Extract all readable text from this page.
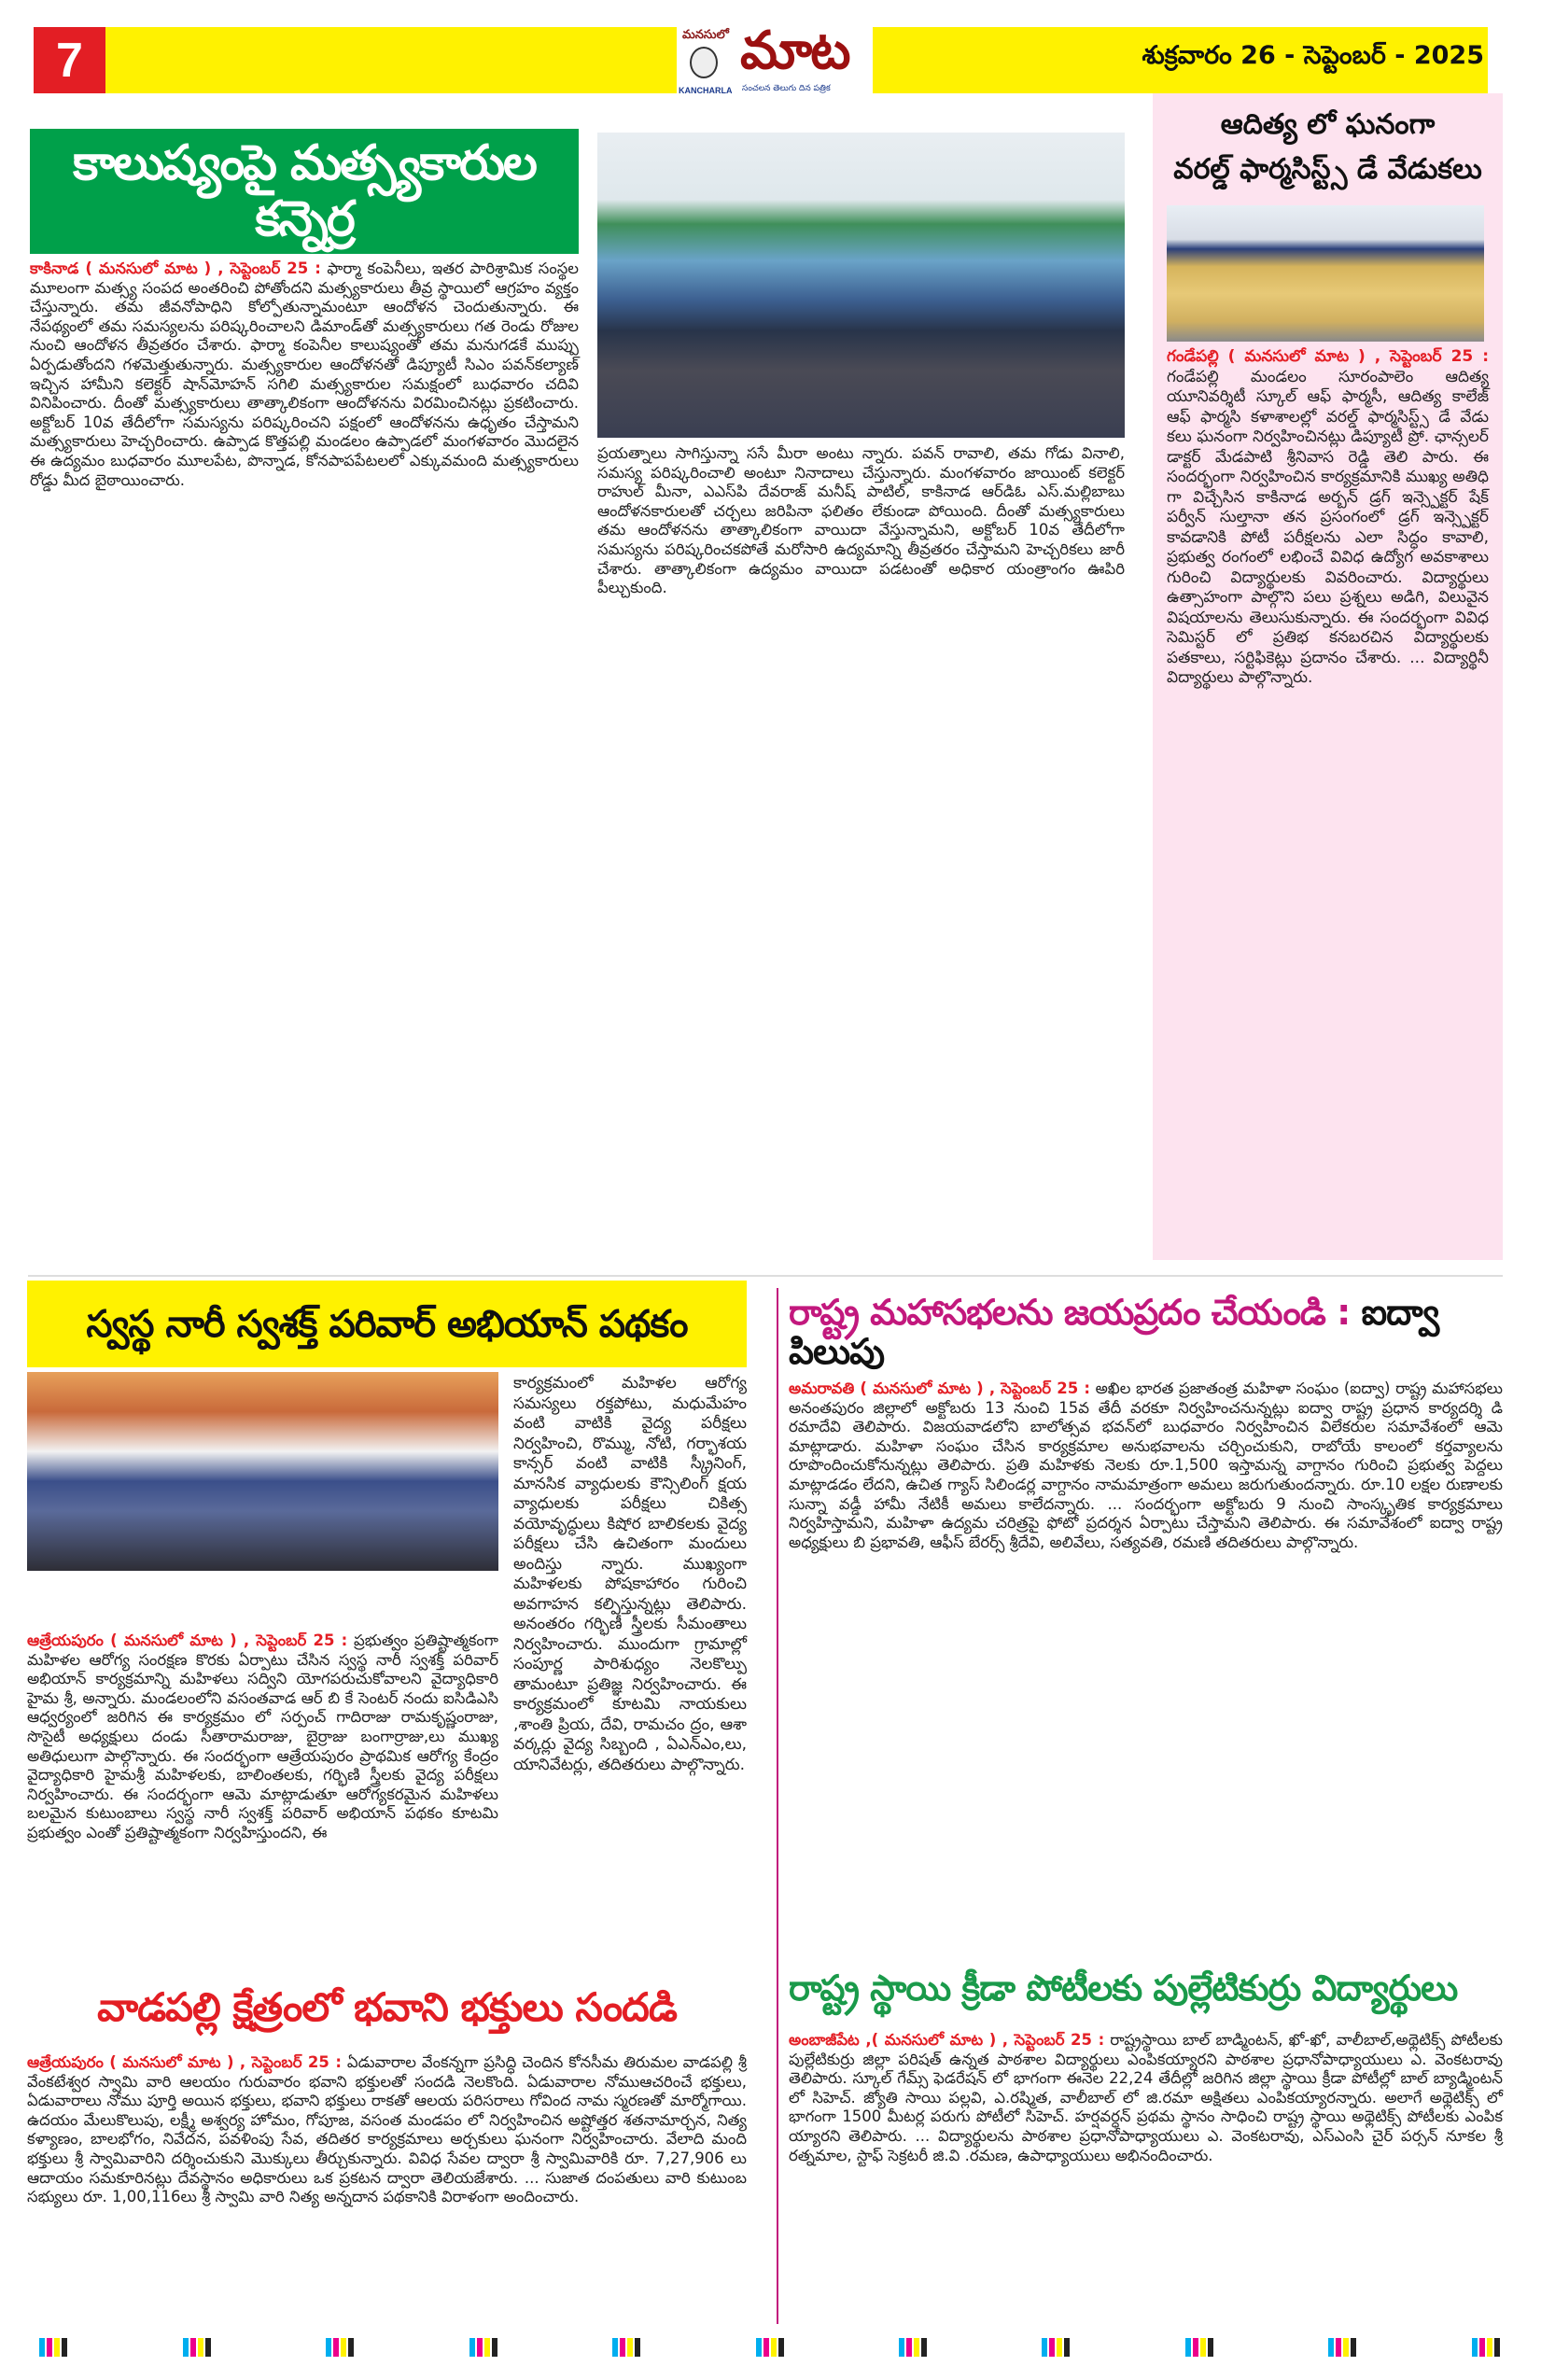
7	మనసులో మాట
KANCHARLA సంచలన తెలుగు దిన పత్రిక
శుక్రవారం 26 - సెప్టెంబర్ - 2025
కాలుష్యంపై మత్స్యకారుల కన్నెర్ర
కాకినాడ ( మనసులో మాట ) , సెప్టెంబర్ 25 : ఫార్మా కంపెనీలు, ఇతర పారిశ్రామిక సంస్థల మూలంగా మత్స్య సంపద అంతరించి పోతోందని మత్స్యకారులు తీవ్ర స్థాయిలో ఆగ్రహం వ్యక్తం చేస్తున్నారు. తమ జీవనోపాధిని కోల్పోతున్నామంటూ ఆందోళన చెందుతున్నారు. ఈ నేపథ్యంలో తమ సమస్యలను పరిష్కరించాలని డిమాండ్‌తో మత్స్యకారులు గత రెండు రోజుల నుంచి ఆందోళన తీవ్రతరం చేశారు. ఫార్మా కంపెనీల కాలుష్యంతో తమ మనుగడకే ముప్పు ఏర్పడుతోందని గళమెత్తుతున్నారు. మత్స్యకారుల ఆందోళనతో డిప్యూటీ సిఎం పవన్‌కల్యాణ్ ఇచ్చిన హామీని కలెక్టర్ షాన్‌మోహన్ సగిలి మత్స్యకారుల సమక్షంలో బుధవారం చదివి వినిపించారు. దీంతో మత్స్యకారులు తాత్కాలికంగా ఆందోళనను విరమించినట్లు ప్రకటించారు. అక్టోబర్ 10వ తేదీలోగా సమస్యను పరిష్కరించని పక్షంలో ఆందోళనను ఉధృతం చేస్తామని మత్స్యకారులు హెచ్చరించారు. ఉప్పాడ కొత్తపల్లి మండలం ఉప్పాడలో మంగళవారం మొదలైన ఈ ఉద్యమం బుధవారం మూలపేట, పొన్నాడ, కోనపాపపేటలలో ఎక్కువమంది మత్స్యకారులు రోడ్డు మీద బైఠాయించారు.
ప్రయత్నాలు సాగిస్తున్నా ససే మీరా అంటు న్నారు. పవన్ రావాలి, తమ గోడు వినాలి, సమస్య పరిష్కరించాలి అంటూ నినాదాలు చేస్తున్నారు. మంగళవారం జాయింట్ కలెక్టర్ రాహుల్ మీనా, ఎఎస్‌పి దేవరాజ్ మనీష్ పాటిల్, కాకినాడ ఆర్‌డిఓ ఎస్.మల్లిబాబు ఆందోళనకారులతో చర్చలు జరిపినా ఫలితం లేకుండా పోయింది. దీంతో మత్స్యకారులు తమ ఆందోళనను తాత్కాలికంగా వాయిదా వేస్తున్నామని, అక్టోబర్ 10వ తేదీలోగా సమస్యను పరిష్కరించకపోతే మరోసారి ఉద్యమాన్ని తీవ్రతరం చేస్తామని హెచ్చరికలు జారీ చేశారు. తాత్కాలికంగా ఉద్యమం వాయిదా పడటంతో అధికార యంత్రాంగం ఊపిరి పీల్చుకుంది.
ఆదిత్య లో ఘనంగా
వరల్డ్ ఫార్మసిస్ట్స్ డే వేడుకలు
గండేపల్లి ( మనసులో మాట ) , సెప్టెంబర్ 25 : గండేపల్లి మండలం సూరంపాలెం ఆదిత్య యూనివర్శిటీ స్కూల్ ఆఫ్ ఫార్మసీ, ఆదిత్య కాలేజ్ ఆఫ్ ఫార్మసి కళాశాలల్లో వరల్డ్ ఫార్మసిస్ట్స్ డే వేడు కలు ఘనంగా నిర్వహించినట్లు డిప్యూటీ ప్రో. ఛాన్సలర్ డాక్టర్ మేడపాటి శ్రీనివాస రెడ్డి తెలి పారు. ఈ సందర్భంగా నిర్వహించిన కార్యక్రమానికి ముఖ్య అతిధి గా విచ్చేసిన కాకినాడ అర్బన్ డ్రగ్ ఇన్స్పెక్టర్ షేక్ పర్వీన్ సుల్తానా తన ప్రసంగంలో డ్రగ్ ఇన్స్పెక్టర్ కావడానికి పోటీ పరీక్షలను ఎలా సిద్ధం కావాలి, ప్రభుత్వ రంగంలో లభించే వివిధ ఉద్యోగ అవకాశాలు గురించి విద్యార్థులకు వివరించారు. విద్యార్థులు ఉత్సాహంగా పాల్గొని పలు ప్రశ్నలు అడిగి, విలువైన విషయాలను తెలుసుకున్నారు. ఈ సందర్భంగా వివిధ సెమిస్టర్ లో ప్రతిభ కనబరచిన విద్యార్థులకు పతకాలు, సర్టిఫికెట్లు ప్రదానం చేశారు. ... విద్యార్థినీ విద్యార్థులు పాల్గొన్నారు.
స్వస్థ నారీ స్వశక్త్ పరివార్ అభియాన్ పథకం
కార్యక్రమంలో మహిళల ఆరోగ్య సమస్యలు రక్తపోటు, మధుమేహం వంటి వాటికి వైద్య పరీక్షలు నిర్వహించి, రొమ్ము, నోటి, గర్భాశయ కాన్సర్ వంటి వాటికి స్క్రీనింగ్, మానసిక వ్యాధులకు కౌన్సిలింగ్ క్షయ వ్యాధులకు పరీక్షలు చికిత్స వయోవృద్ధులు కిషోర బాలికలకు వైద్య పరీక్షలు చేసి ఉచితంగా మందులు అందిస్తు న్నారు. ముఖ్యంగా మహిళలకు పోషకాహారం గురించి అవగాహన కల్పిస్తున్నట్లు తెలిపారు. అనంతరం గర్భిణీ స్త్రీలకు సీమంతాలు నిర్వహించారు. ముందుగా గ్రామాల్లో సంపూర్ణ పారిశుధ్యం నెలకొల్పు తామంటూ ప్రతిజ్ఞ నిర్వహించారు. ఈ కార్యక్రమంలో కూటమి నాయకులు ,శాంతి ప్రియ, దేవి, రామచం ద్రం, ఆశా వర్కర్లు వైద్య సిబ్బంది , ఏఎన్ఎం,లు, యానివేటర్లు, తదితరులు పాల్గొన్నారు.
ఆత్రేయపురం ( మనసులో మాట ) , సెప్టెంబర్ 25 : ప్రభుత్వం ప్రతిష్టాత్మకంగా మహిళల ఆరోగ్య సంరక్షణ కొరకు ఏర్పాటు చేసిన స్వస్థ నారీ స్వశక్త్ పరివార్ అభియాన్ కార్యక్రమాన్ని మహిళలు సద్విని యోగపరుచుకోవాలని వైద్యాధికారి హైమ శ్రీ, అన్నారు. మండలంలోని వసంతవాడ ఆర్ బి కే సెంటర్ నందు ఐసిడిఎసి ఆధ్వర్యంలో జరిగిన ఈ కార్యక్రమం లో సర్పంచ్ గాదిరాజు రామకృష్ణంరాజు, సొసైటీ అధ్యక్షులు దండు సీతారామరాజు, బైర్రాజు బంగార్రాజు,లు ముఖ్య అతిధులుగా పాల్గొన్నారు. ఈ సందర్భంగా ఆత్రేయపురం ప్రాథమిక ఆరోగ్య కేంద్రం వైద్యాధికారి హైమశ్రీ మహిళలకు, బాలింతలకు, గర్భిణి స్త్రీలకు వైద్య పరీక్షలు నిర్వహించారు. ఈ సందర్భంగా ఆమె మాట్లాడుతూ ఆరోగ్యకరమైన మహిళలు బలమైన కుటుంబాలు స్వస్థ నారీ స్వశక్త్ పరివార్ అభియాన్ పథకం కూటమి ప్రభుత్వం ఎంతో ప్రతిష్టాత్మకంగా నిర్వహిస్తుందని, ఈ
వాడపల్లి క్షేత్రంలో భవాని భక్తులు సందడి
ఆత్రేయపురం ( మనసులో మాట ) , సెప్టెంబర్ 25 : ఏడువారాల వేంకన్నగా ప్రసిద్ధి చెందిన కోనసీమ తిరుమల వాడపల్లి శ్రీ వేంకటేశ్వర స్వామి వారి ఆలయం గురువారం భవాని భక్తులతో సందడి నెలకొంది. ఏడువారాల నోముఆచరించే భక్తులు, ఏడువారాలు నోము పూర్తి అయిన భక్తులు, భవాని భక్తులు రాకతో ఆలయ పరిసరాలు గోవింద నామ స్మరణతో మార్మోగాయి. ఉదయం మేలుకొలుపు, లక్ష్మీ అశ్వర్య హోమం, గోపూజ, వసంత మండపం లో నిర్వహించిన అష్టోత్తర శతనామార్చన, నిత్య కళ్యాణం, బాలభోగం, నివేదన, పవళింపు సేవ, తదితర కార్యక్రమాలు అర్చకులు ఘనంగా నిర్వహించారు. వేలాది మంది భక్తులు శ్రీ స్వామివారిని దర్శించుకుని మొక్కులు తీర్చుకున్నారు. వివిధ సేవల ద్వారా శ్రీ స్వామివారికి రూ. 7,27,906 లు ఆదాయం సమకూరినట్లు దేవస్థానం అధికారులు ఒక ప్రకటన ద్వారా తెలియజేశారు. ... సుజాత దంపతులు వారి కుటుంబ సభ్యులు రూ. 1,00,116లు శ్రీ స్వామి వారి నిత్య అన్నదాన పథకానికి విరాళంగా అందించారు.
రాష్ట్ర మహాసభలను జయప్రదం చేయండి : ఐద్వా పిలుపు
అమరావతి ( మనసులో మాట ) , సెప్టెంబర్ 25 : అఖిల భారత ప్రజాతంత్ర మహిళా సంఘం (ఐద్వా) రాష్ట్ర మహాసభలు అనంతపురం జిల్లాలో అక్టోబరు 13 నుంచి 15వ తేదీ వరకూ నిర్వహించనున్నట్లు ఐద్వా రాష్ట్ర ప్రధాన కార్యదర్శి డి రమాదేవి తెలిపారు. విజయవాడలోని బాలోత్సవ భవన్‌లో బుధవారం నిర్వహించిన విలేకరుల సమావేశంలో ఆమె మాట్లాడారు. మహిళా సంఘం చేసిన కార్యక్రమాల అనుభవాలను చర్చించుకుని, రాబోయే కాలంలో కర్తవ్యాలను రూపొందించుకోనున్నట్లు తెలిపారు. ప్రతి మహిళకు నెలకు రూ.1,500 ఇస్తామన్న వాగ్దానం గురించి ప్రభుత్వ పెద్దలు మాట్లాడడం లేదని, ఉచిత గ్యాస్ సిలిండర్ల వాగ్దానం నామమాత్రంగా అమలు జరుగుతుందన్నారు. రూ.10 లక్షల రుణాలకు సున్నా వడ్డీ హామీ నేటికీ అమలు కాలేదన్నారు. ... సందర్భంగా అక్టోబరు 9 నుంచి సాంస్కృతిక కార్యక్రమాలు నిర్వహిస్తామని, మహిళా ఉద్యమ చరిత్రపై ఫోటో ప్రదర్శన ఏర్పాటు చేస్తామని తెలిపారు. ఈ సమావేశంలో ఐద్వా రాష్ట్ర అధ్యక్షులు బి ప్రభావతి, ఆఫీస్ బేరర్స్ శ్రీదేవి, అలివేలు, సత్యవతి, రమణి తదితరులు పాల్గొన్నారు.
రాష్ట్ర స్థాయి క్రీడా పోటీలకు పుల్లేటికుర్రు విద్యార్థులు
అంబాజీపేట ,( మనసులో మాట ) , సెప్టెంబర్ 25 : రాష్ట్రస్థాయి బాల్ బాడ్మింటన్, ఖో-ఖో, వాలీబాల్,అథ్లెటిక్స్ పోటీలకు పుల్లేటికుర్రు జిల్లా పరిషత్ ఉన్నత పాఠశాల విద్యార్థులు ఎంపికయ్యారని పాఠశాల ప్రధానోపాధ్యాయులు ఎ. వెంకటరావు తెలిపారు. స్కూల్ గేమ్స్ ఫెడరేషన్ లో భాగంగా ఈనెల 22,24 తేదీల్లో జరిగిన జిల్లా స్థాయి క్రీడా పోటీల్లో బాల్ బ్యాడ్మింటన్ లో సిహెచ్. జ్యోతి సాయి పల్లవి, ఎ.రష్మిత, వాలీబాల్ లో జి.రమా అక్షితలు ఎంపికయ్యారన్నారు. అలాగే అథ్లెటిక్స్ లో భాగంగా 1500 మీటర్ల పరుగు పోటీలో సిహెచ్. హర్షవర్ధన్ ప్రథమ స్థానం సాధించి రాష్ట్ర స్థాయి అథ్లెటిక్స్ పోటీలకు ఎంపిక య్యారని తెలిపారు. ... విద్యార్థులను పాఠశాల ప్రధానోపాధ్యాయులు ఎ. వెంకటరావు, ఎస్ఎంసి చైర్ పర్సన్ నూకల శ్రీ రత్నమాల, స్టాఫ్ సెక్రటరీ జి.వి .రమణ, ఉపాధ్యాయులు అభినందించారు.
